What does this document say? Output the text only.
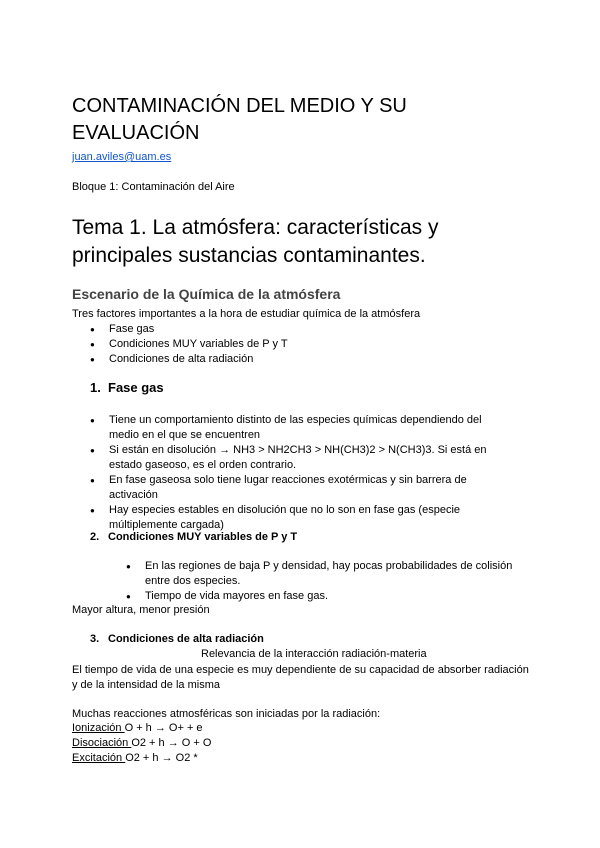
CONTAMINACIÓN DEL MEDIO Y SU EVALUACIÓN
juan.aviles@uam.es
Bloque 1: Contaminación del Aire
Tema 1. La atmósfera: características y principales sustancias contaminantes.
Escenario de la Química de la atmósfera
Tres factores importantes a la hora de estudiar química de la atmósfera
● Fase gas
● Condiciones MUY variables de P y T
● Condiciones de alta radiación
1. Fase gas
● Tiene un comportamiento distinto de las especies químicas dependiendo del medio en el que se encuentren
● Si están en disolución → NH3 > NH2CH3 > NH(CH3)2 > N(CH3)3. Si está en estado gaseoso, es el orden contrario.
● En fase gaseosa solo tiene lugar reacciones exotérmicas y sin barrera de activación
● Hay especies estables en disolución que no lo son en fase gas (especie múltiplemente cargada)
2. Condiciones MUY variables de P y T
● En las regiones de baja P y densidad, hay pocas probabilidades de colisión entre dos especies.
● Tiempo de vida mayores en fase gas.
Mayor altura, menor presión
3. Condiciones de alta radiación
Relevancia de la interacción radiación-materia
El tiempo de vida de una especie es muy dependiente de su capacidad de absorber radiación y de la intensidad de la misma
Muchas reacciones atmosféricas son iniciadas por la radiación:
Ionización O + h → O+ + e
Disociación O2 + h → O + O
Excitación O2 + h → O2 *
